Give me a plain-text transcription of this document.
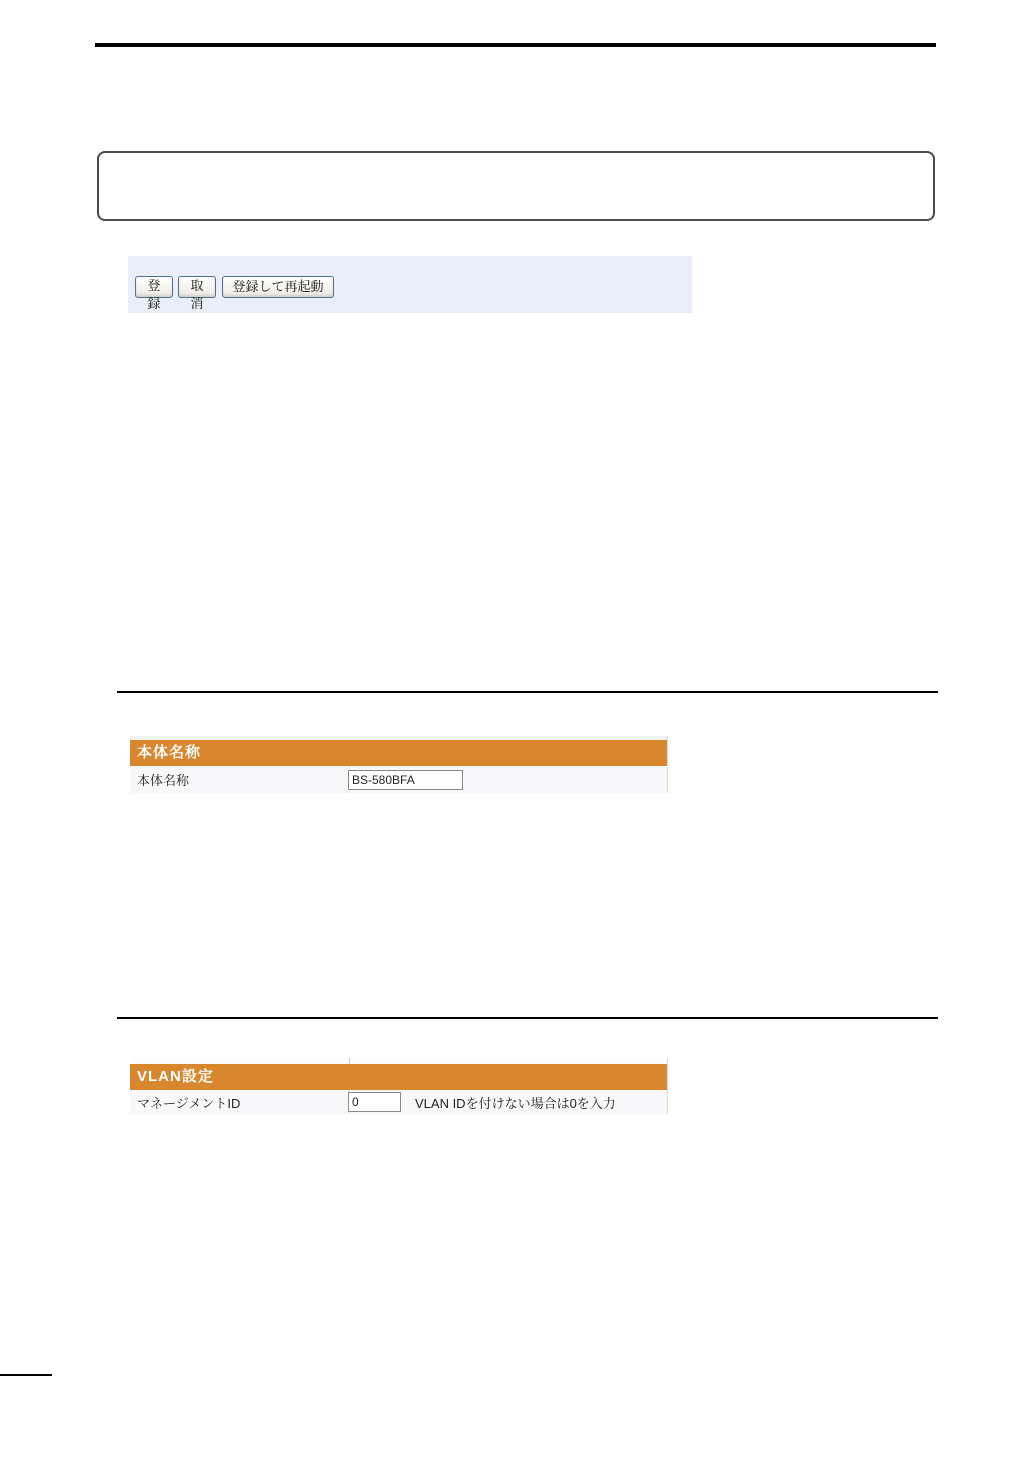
登録
取消
登録して再起動
本体名称
本体名称
BS-580BFA
VLAN設定
マネージメントID
0	VLAN IDを付けない場合は0を入力
